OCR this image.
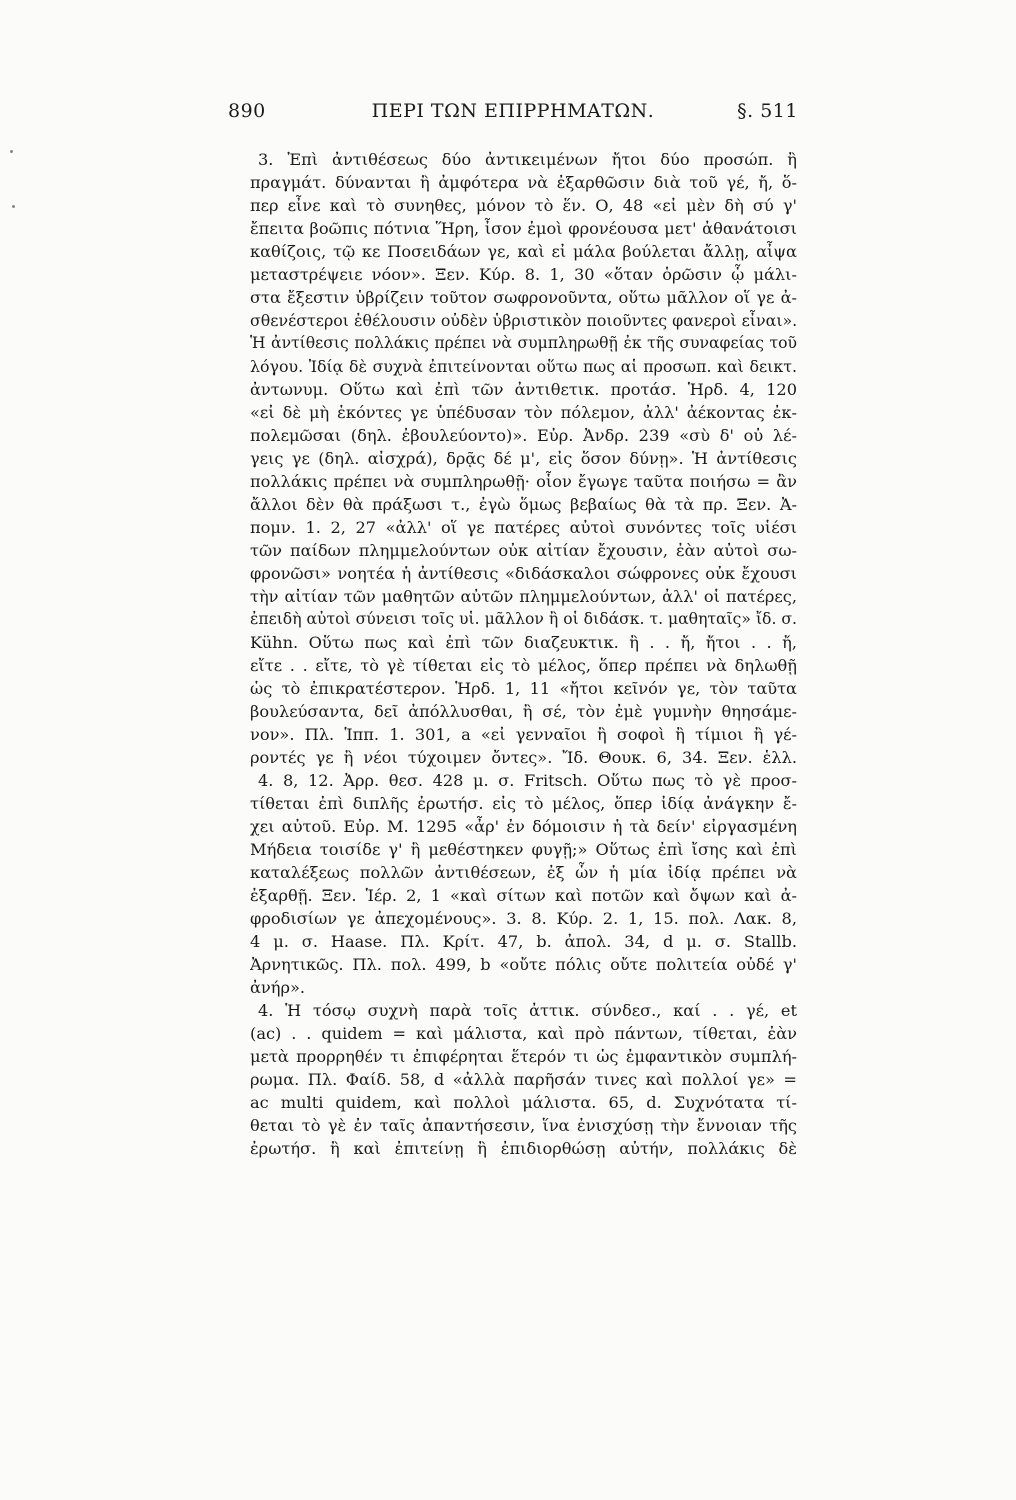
890	ΠΕΡΙ ΤΩΝ ΕΠΙΡΡΗΜΑΤΩΝ.	§. 511
3. Ἐπὶ ἀντιθέσεως δύο ἀντικειμένων ἤτοι δύο προσώπ. ἢ
πραγμάτ. δύνανται ἢ ἀμφότερα νὰ ἐξαρθῶσιν διὰ τοῦ γέ, ἤ, ὅ-
περ εἶνε καὶ τὸ συνηθες, μόνον τὸ ἕν. Ο, 48 «εἰ μὲν δὴ σύ γ'
ἔπειτα βοῶπις πότνια Ἥρη, ἶσον ἐμοὶ φρονέουσα μετ' ἀθανάτοισι
καθίζοις, τῷ κε Ποσειδάων γε, καὶ εἰ μάλα βούλεται ἄλλῃ, αἶψα
μεταστρέψειε νόον». Ξεν. Κύρ. 8. 1, 30 «ὅταν ὁρῶσιν ᾧ μάλι-
στα ἔξεστιν ὑβρίζειν τοῦτον σωφρονοῦντα, οὕτω μᾶλλον οἵ γε ἀ-
σθενέστεροι ἐθέλουσιν οὐδὲν ὑβριστικὸν ποιοῦντες φανεροὶ εἶναι».
Ἡ ἀντίθεσις πολλάκις πρέπει νὰ συμπληρωθῇ ἐκ τῆς συναφείας τοῦ
λόγου. Ἰδίᾳ δὲ συχνὰ ἐπιτείνονται οὕτω πως αἱ προσωπ. καὶ δεικτ.
ἀντωνυμ. Οὕτω καὶ ἐπὶ τῶν ἀντιθετικ. προτάσ. Ἡρδ. 4, 120
«εἰ δὲ μὴ ἑκόντες γε ὑπέδυσαν τὸν πόλεμον, ἀλλ' ἀέκοντας ἐκ-
πολεμῶσαι (δηλ. ἐβουλεύοντο)». Εὐρ. Ἀνδρ. 239 «σὺ δ' οὐ λέ-
γεις γε (δηλ. αἰσχρά), δρᾷς δέ μ', εἰς ὅσον δύνῃ». Ἡ ἀντίθεσις
πολλάκις πρέπει νὰ συμπληρωθῇ· οἷον ἔγωγε ταῦτα ποιήσω = ἂν
ἄλλοι δὲν θὰ πράξωσι τ., ἐγὼ ὅμως βεβαίως θὰ τὰ πρ. Ξεν. Ἀ-
πομν. 1. 2, 27 «ἀλλ' οἵ γε πατέρες αὐτοὶ συνόντες τοῖς υἱέσι
τῶν παίδων πλημμελούντων οὐκ αἰτίαν ἔχουσιν, ἐὰν αὐτοὶ σω-
φρονῶσι» νοητέα ἡ ἀντίθεσις «διδάσκαλοι σώφρονες οὐκ ἔχουσι
τὴν αἰτίαν τῶν μαθητῶν αὐτῶν πλημμελούντων, ἀλλ' οἱ πατέρες,
ἐπειδὴ αὐτοὶ σύνεισι τοῖς υἱ. μᾶλλον ἢ οἱ διδάσκ. τ. μαθηταῖς» ἴδ. σ.
Kühn. Οὕτω πως καὶ ἐπὶ τῶν διαζευκτικ. ἢ . . ἤ, ἤτοι . . ἤ,
εἴτε . . εἴτε, τὸ γὲ τίθεται εἰς τὸ μέλος, ὅπερ πρέπει νὰ δηλωθῇ
ὡς τὸ ἐπικρατέστερον. Ἡρδ. 1, 11 «ἤτοι κεῖνόν γε, τὸν ταῦτα
βουλεύσαντα, δεῖ ἀπόλλυσθαι, ἢ σέ, τὸν ἐμὲ γυμνὴν θηησάμε-
νον». Πλ. Ἱππ. 1. 301, a «εἰ γενναῖοι ἢ σοφοὶ ἢ τίμιοι ἢ γέ-
ροντές γε ἢ νέοι τύχοιμεν ὄντες». Ἴδ. Θουκ. 6, 34. Ξεν. ἑλλ.
4. 8, 12. Ἀρρ. θεσ. 428 μ. σ. Fritsch. Οὕτω πως τὸ γὲ προσ-
τίθεται ἐπὶ διπλῆς ἐρωτήσ. εἰς τὸ μέλος, ὅπερ ἰδίᾳ ἀνάγκην ἔ-
χει αὐτοῦ. Εὐρ. Μ. 1295 «ἆρ' ἐν δόμοισιν ἡ τὰ δείν' εἰργασμένη
Μήδεια τοισίδε γ' ἢ μεθέστηκεν φυγῇ;» Οὕτως ἐπὶ ἴσης καὶ ἐπὶ
καταλέξεως πολλῶν ἀντιθέσεων, ἐξ ὧν ἡ μία ἰδίᾳ πρέπει νὰ
ἐξαρθῇ. Ξεν. Ἱέρ. 2, 1 «καὶ σίτων καὶ ποτῶν καὶ ὄψων καὶ ἀ-
φροδισίων γε ἀπεχομένους». 3. 8. Κύρ. 2. 1, 15. πολ. Λακ. 8,
4 μ. σ. Haase. Πλ. Κρίτ. 47, b. ἀπολ. 34, d μ. σ. Stallb.
Ἀρνητικῶς. Πλ. πολ. 499, b «οὔτε πόλις οὔτε πολιτεία οὐδέ γ'
ἀνήρ».
4. Ἡ τόσῳ συχνὴ παρὰ τοῖς ἀττικ. σύνδεσ., καί . . γέ, et
(ac) . . quidem = καὶ μάλιστα, καὶ πρὸ πάντων, τίθεται, ἐὰν
μετὰ προρρηθέν τι ἐπιφέρηται ἕτερόν τι ὡς ἐμφαντικὸν συμπλή-
ρωμα. Πλ. Φαίδ. 58, d «ἀλλὰ παρῆσάν τινες καὶ πολλοί γε» =
ac multi quidem, καὶ πολλοὶ μάλιστα. 65, d. Συχνότατα τί-
θεται τὸ γὲ ἐν ταῖς ἀπαντήσεσιν, ἵνα ἐνισχύσῃ τὴν ἔννοιαν τῆς
ἐρωτήσ. ἢ καὶ ἐπιτείνῃ ἢ ἐπιδιορθώσῃ αὐτήν, πολλάκις δὲ
